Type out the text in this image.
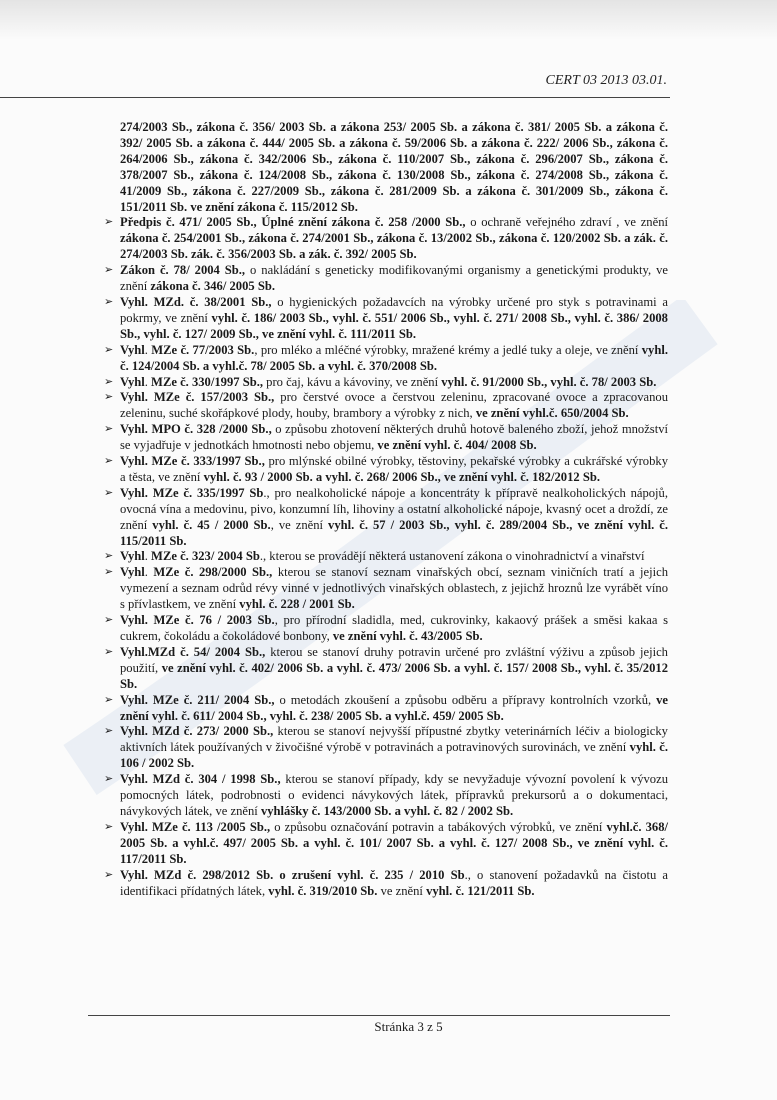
CERT 03 2013 03.01.

274/2003 Sb., zákona č. 356/ 2003 Sb. a zákona 253/ 2005 Sb. a zákona č. 381/ 2005 Sb. a zákona č. 392/ 2005 Sb. a zákona č. 444/ 2005 Sb. a zákona č. 59/2006 Sb. a zákona č. 222/ 2006 Sb., zákona č. 264/2006 Sb., zákona č. 342/2006 Sb., zákona č. 110/2007 Sb., zákona č. 296/2007 Sb., zákona č. 378/2007 Sb., zákona č. 124/2008 Sb., zákona č. 130/2008 Sb., zákona č. 274/2008 Sb., zákona č. 41/2009 Sb., zákona č. 227/2009 Sb., zákona č. 281/2009 Sb. a zákona č. 301/2009 Sb., zákona č. 151/2011 Sb. ve znění zákona č. 115/2012 Sb.

➢ Předpis č. 471/ 2005 Sb., Úplné znění zákona č. 258 /2000 Sb., o ochraně veřejného zdraví , ve znění zákona č. 254/2001 Sb., zákona č. 274/2001 Sb., zákona č. 13/2002 Sb., zákona č. 120/2002 Sb. a zák. č. 274/2003 Sb. zák. č. 356/2003 Sb. a zák. č. 392/ 2005 Sb.

➢ Zákon č. 78/ 2004 Sb., o nakládání s geneticky modifikovanými organismy a genetickými produkty, ve znění zákona č. 346/ 2005 Sb.

➢ Vyhl. MZd. č. 38/2001 Sb., o hygienických požadavcích na výrobky určené pro styk s potravinami a pokrmy, ve znění vyhl. č. 186/ 2003 Sb., vyhl. č. 551/ 2006 Sb., vyhl. č. 271/ 2008 Sb., vyhl. č. 386/ 2008 Sb., vyhl. č. 127/ 2009 Sb., ve znění vyhl. č. 111/2011 Sb.

➢ Vyhl. MZe č. 77/2003 Sb., pro mléko a mléčné výrobky, mražené krémy a jedlé tuky a oleje, ve znění vyhl. č. 124/2004 Sb. a vyhl.č. 78/ 2005 Sb. a vyhl. č. 370/2008 Sb.

➢ Vyhl. MZe č. 330/1997 Sb., pro čaj, kávu a kávoviny, ve znění vyhl. č. 91/2000 Sb., vyhl. č. 78/ 2003 Sb.

➢ Vyhl. MZe č. 157/2003 Sb., pro čerstvé ovoce a čerstvou zeleninu, zpracované ovoce a zpracovanou zeleninu, suché skořápkové plody, houby, brambory a výrobky z nich, ve znění vyhl.č. 650/2004 Sb.

➢ Vyhl. MPO č. 328 /2000 Sb., o způsobu zhotovení některých druhů hotově baleného zboží, jehož množství se vyjadřuje v jednotkách hmotnosti nebo objemu, ve znění vyhl. č. 404/ 2008 Sb.

➢ Vyhl. MZe č. 333/1997 Sb., pro mlýnské obilné výrobky, těstoviny, pekařské výrobky a cukrářské výrobky a těsta, ve znění vyhl. č. 93 / 2000 Sb. a vyhl. č. 268/ 2006 Sb., ve znění vyhl. č. 182/2012 Sb.

➢ Vyhl. MZe č. 335/1997 Sb., pro nealkoholické nápoje a koncentráty k přípravě nealkoholických nápojů, ovocná vína a medovinu, pivo, konzumní líh, lihoviny a ostatní alkoholické nápoje, kvasný ocet a droždí, ze znění vyhl. č. 45 / 2000 Sb., ve znění vyhl. č. 57 / 2003 Sb., vyhl. č. 289/2004 Sb., ve znění vyhl. č. 115/2011 Sb.

➢ Vyhl. MZe č. 323/ 2004 Sb., kterou se provádějí některá ustanovení zákona o vinohradnictví a vinařství

➢ Vyhl. MZe č. 298/2000 Sb., kterou se stanoví seznam vinařských obcí, seznam viničních tratí a jejich vymezení a seznam odrůd révy vinné v jednotlivých vinařských oblastech, z jejichž hroznů lze vyrábět víno s přívlastkem, ve znění vyhl. č. 228 / 2001 Sb.

➢ Vyhl. MZe č. 76 / 2003 Sb., pro přírodní sladidla, med, cukrovinky, kakaový prášek a směsi kakaa s cukrem, čokoládu a čokoládové bonbony, ve znění vyhl. č. 43/2005 Sb.

➢ Vyhl.MZd č. 54/ 2004 Sb., kterou se stanoví druhy potravin určené pro zvláštní výživu a způsob jejich použití, ve znění vyhl. č. 402/ 2006 Sb. a vyhl. č. 473/ 2006 Sb. a vyhl. č. 157/ 2008 Sb., vyhl. č. 35/2012 Sb.

➢ Vyhl. MZe č. 211/ 2004 Sb., o metodách zkoušení a způsobu odběru a přípravy kontrolních vzorků, ve znění vyhl. č. 611/ 2004 Sb., vyhl. č. 238/ 2005 Sb. a vyhl.č. 459/ 2005 Sb.

➢ Vyhl. MZd č. 273/ 2000 Sb., kterou se stanoví nejvyšší přípustné zbytky veterinárních léčiv a biologicky aktivních látek používaných v živočišné výrobě v potravinách a potravinových surovinách, ve znění vyhl. č. 106 / 2002 Sb.

➢ Vyhl. MZd č. 304 / 1998 Sb., kterou se stanoví případy, kdy se nevyžaduje vývozní povolení k vývozu pomocných látek, podrobnosti o evidenci návykových látek, přípravků prekursorů a o dokumentaci, návykových látek, ve znění vyhlášky č. 143/2000 Sb. a vyhl. č. 82 / 2002 Sb.

➢ Vyhl. MZe č. 113 /2005 Sb., o způsobu označování potravin a tabákových výrobků, ve znění vyhl.č. 368/ 2005 Sb. a vyhl.č. 497/ 2005 Sb. a vyhl. č. 101/ 2007 Sb. a vyhl. č. 127/ 2008 Sb., ve znění vyhl. č. 117/2011 Sb.

➢ Vyhl. MZd č. 298/2012 Sb. o zrušení vyhl. č. 235 / 2010 Sb., o stanovení požadavků na čistotu a identifikaci přídatných látek, vyhl. č. 319/2010 Sb. ve znění vyhl. č. 121/2011 Sb.

Stránka 3 z 5
